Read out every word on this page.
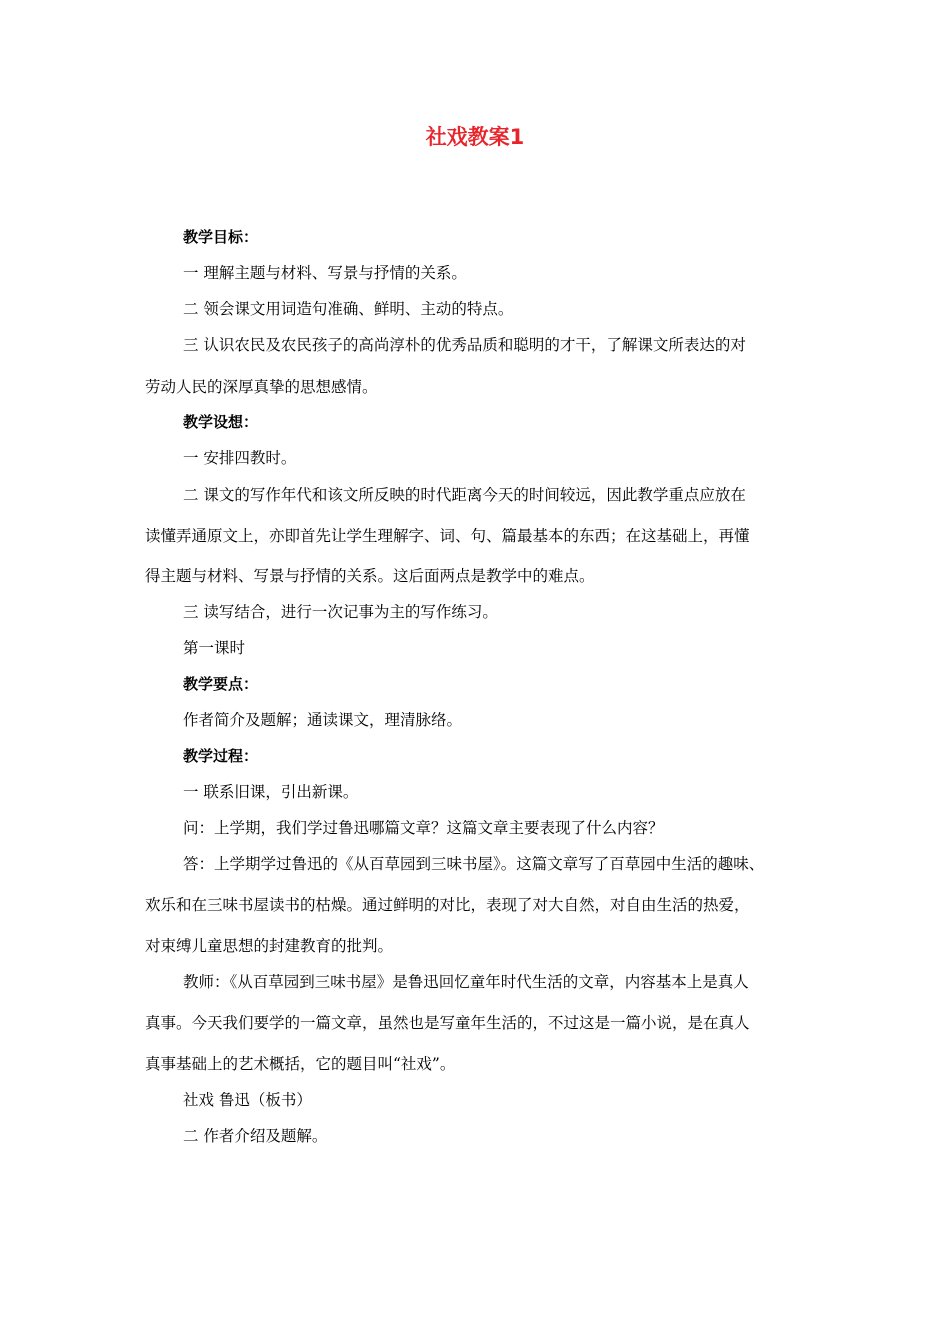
社戏教案1
教学目标：
一 理解主题与材料、写景与抒情的关系。
二 领会课文用词造句准确、鲜明、主动的特点。
三 认识农民及农民孩子的高尚淳朴的优秀品质和聪明的才干，了解课文所表达的对
劳动人民的深厚真挚的思想感情。
教学设想：
一 安排四教时。
二 课文的写作年代和该文所反映的时代距离今天的时间较远，因此教学重点应放在
读懂弄通原文上，亦即首先让学生理解字、词、句、篇最基本的东西；在这基础上，再懂
得主题与材料、写景与抒情的关系。这后面两点是教学中的难点。
三 读写结合，进行一次记事为主的写作练习。
第一课时
教学要点：
作者简介及题解；通读课文，理清脉络。
教学过程：
一 联系旧课，引出新课。
问：上学期，我们学过鲁迅哪篇文章？这篇文章主要表现了什么内容？
答：上学期学过鲁迅的《从百草园到三味书屋》。这篇文章写了百草园中生活的趣味、
欢乐和在三味书屋读书的枯燥。通过鲜明的对比，表现了对大自然，对自由生活的热爱，
对束缚儿童思想的封建教育的批判。
教师：《从百草园到三味书屋》是鲁迅回忆童年时代生活的文章，内容基本上是真人
真事。今天我们要学的一篇文章，虽然也是写童年生活的，不过这是一篇小说，是在真人
真事基础上的艺术概括，它的题目叫“社戏”。
社戏 鲁迅（板书）
二 作者介绍及题解。
